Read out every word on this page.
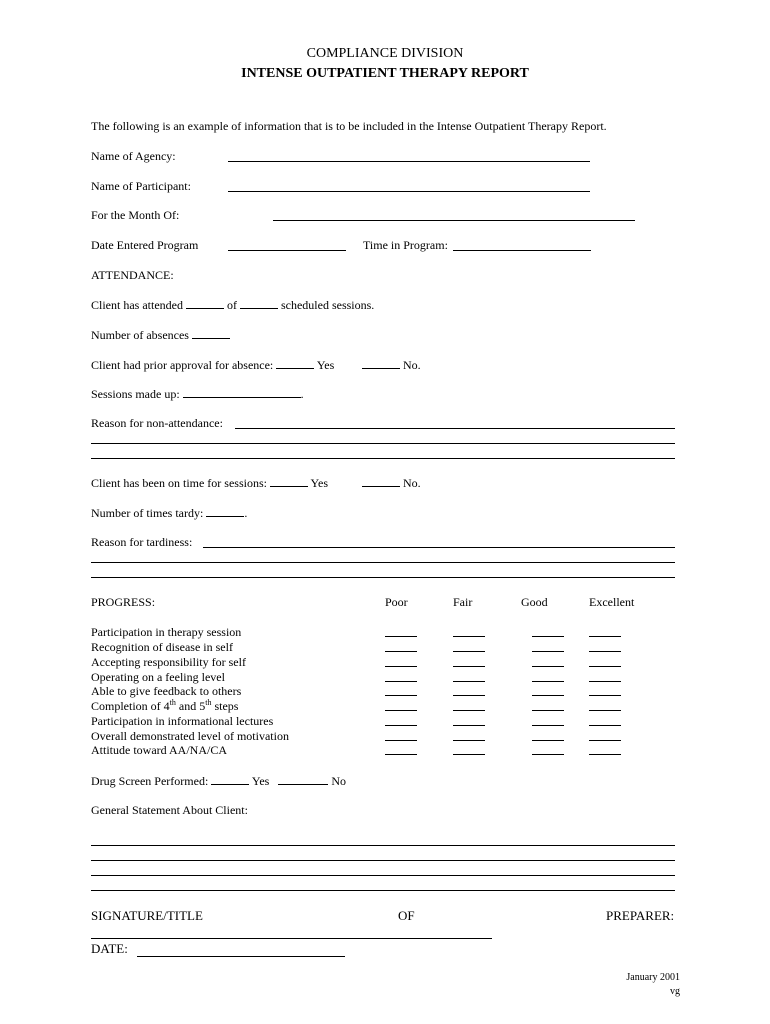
COMPLIANCE DIVISION
INTENSE OUTPATIENT THERAPY REPORT
The following is an example of information that is to be included in the Intense Outpatient Therapy Report.
Name of Agency:
Name of Participant:
For the Month Of:
Date Entered Program	Time in Program:
ATTENDANCE:
Client has attended	of	scheduled sessions.
Number of absences
Client had prior approval for absence:	Yes	No.
Sessions made up:	.
Reason for non-attendance:
Client has been on time for sessions:	Yes	No.
Number of times tardy:	.
Reason for tardiness:
PROGRESS:	Poor	Fair	Good	Excellent
Participation in therapy session
Recognition of disease in self
Accepting responsibility for self
Operating on a feeling level
Able to give feedback to others
Completion of 4th and 5th steps
Participation in informational lectures
Overall demonstrated level of motivation
Attitude toward AA/NA/CA
Drug Screen Performed:	Yes	No
General Statement About Client:
SIGNATURE/TITLE	OF	PREPARER:
DATE:
January 2001
vg
